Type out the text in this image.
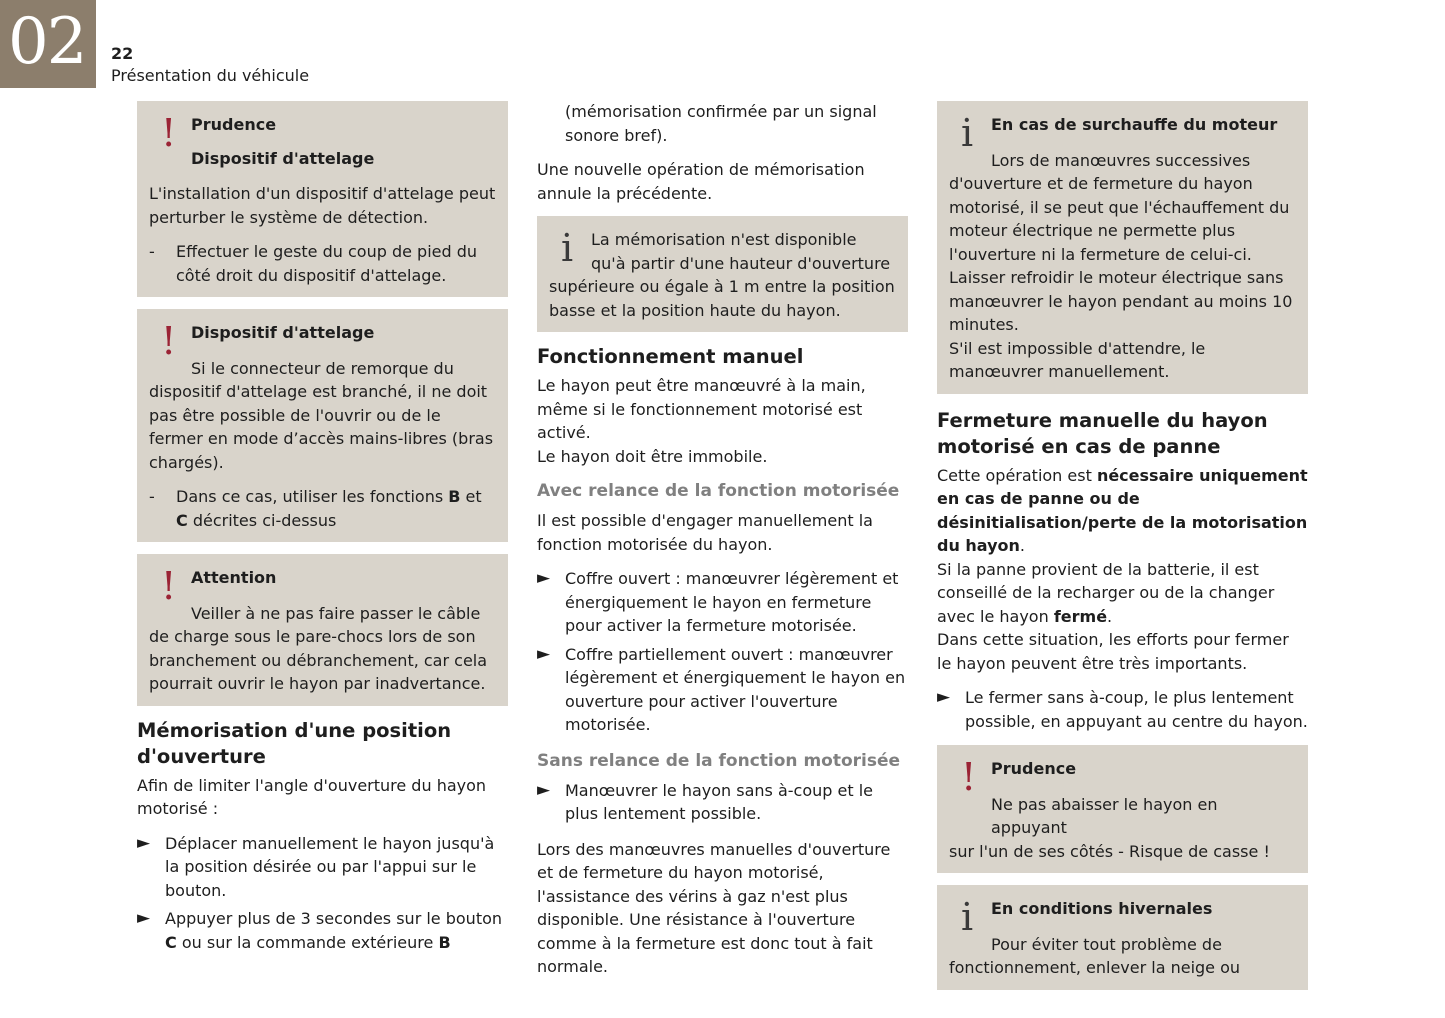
02 22
Présentation du véhicule
! Prudence
Dispositif d'attelage

L'installation d'un dispositif d'attelage peut perturber le système de détection.

-	Effectuer le geste du coup de pied du côté droit du dispositif d'attelage.
! Dispositif d'attelage
Si le connecteur de remorque du

dispositif d'attelage est branché, il ne doit pas être possible de l'ouvrir ou de le fermer en mode d’accès mains-libres (bras chargés).

-	Dans ce cas, utiliser les fonctions B et C décrites ci-dessus
! Attention
Veiller à ne pas faire passer le câble

de charge sous le pare-chocs lors de son branchement ou débranchement, car cela pourrait ouvrir le hayon par inadvertance.

Mémorisation d'une position d'ouverture

Afin de limiter l'angle d'ouverture du hayon motorisé :

► Déplacer manuellement le hayon jusqu'à la position désirée ou par l'appui sur le bouton.
► Appuyer plus de 3 secondes sur le bouton C ou sur la commande extérieure B

(mémorisation confirmée par un signal sonore bref).

Une nouvelle opération de mémorisation annule la précédente.

i	La mémorisation n'est disponible
qu'à partir d'une hauteur d'ouverture

supérieure ou égale à 1 m entre la position basse et la position haute du hayon.

Fonctionnement manuel

Le hayon peut être manœuvré à la main, même si le fonctionnement motorisé est activé.

Le hayon doit être immobile.

Avec relance de la fonction motorisée

Il est possible d'engager manuellement la fonction motorisée du hayon.

► Coffre ouvert : manœuvrer légèrement et énergiquement le hayon en fermeture pour activer la fermeture motorisée.
► Coffre partiellement ouvert : manœuvrer légèrement et énergiquement le hayon en ouverture pour activer l'ouverture motorisée.
Sans relance de la fonction motorisée
► Manœuvrer le hayon sans à-coup et le plus lentement possible.

Lors des manœuvres manuelles d'ouverture et de fermeture du hayon motorisé, l'assistance des vérins à gaz n'est plus disponible. Une résistance à l'ouverture comme à la fermeture est donc tout à fait normale.

i	En cas de surchauffe du moteur
Lors de manœuvres successives
d'ouverture et de fermeture du hayon motorisé, il se peut que l'échauffement du moteur électrique ne permette plus l'ouverture ni la fermeture de celui-ci.
Laisser refroidir le moteur électrique sans manœuvrer le hayon pendant au moins 10 minutes.
S'il est impossible d'attendre, le manœuvrer manuellement.
Fermeture manuelle du hayon motorisé en cas de panne

Cette opération est nécessaire uniquement en cas de panne ou de désinitialisation/perte de la motorisation du hayon.

Si la panne provient de la batterie, il est conseillé de la recharger ou de la changer avec le hayon fermé.

Dans cette situation, les efforts pour fermer le hayon peuvent être très importants.

► Le fermer sans à-coup, le plus lentement possible, en appuyant au centre du hayon.
! Prudence
Ne pas abaisser le hayon en appuyant

sur l'un de ses côtés - Risque de casse !

i	En conditions hivernales
Pour éviter tout problème de

fonctionnement, enlever la neige ou
